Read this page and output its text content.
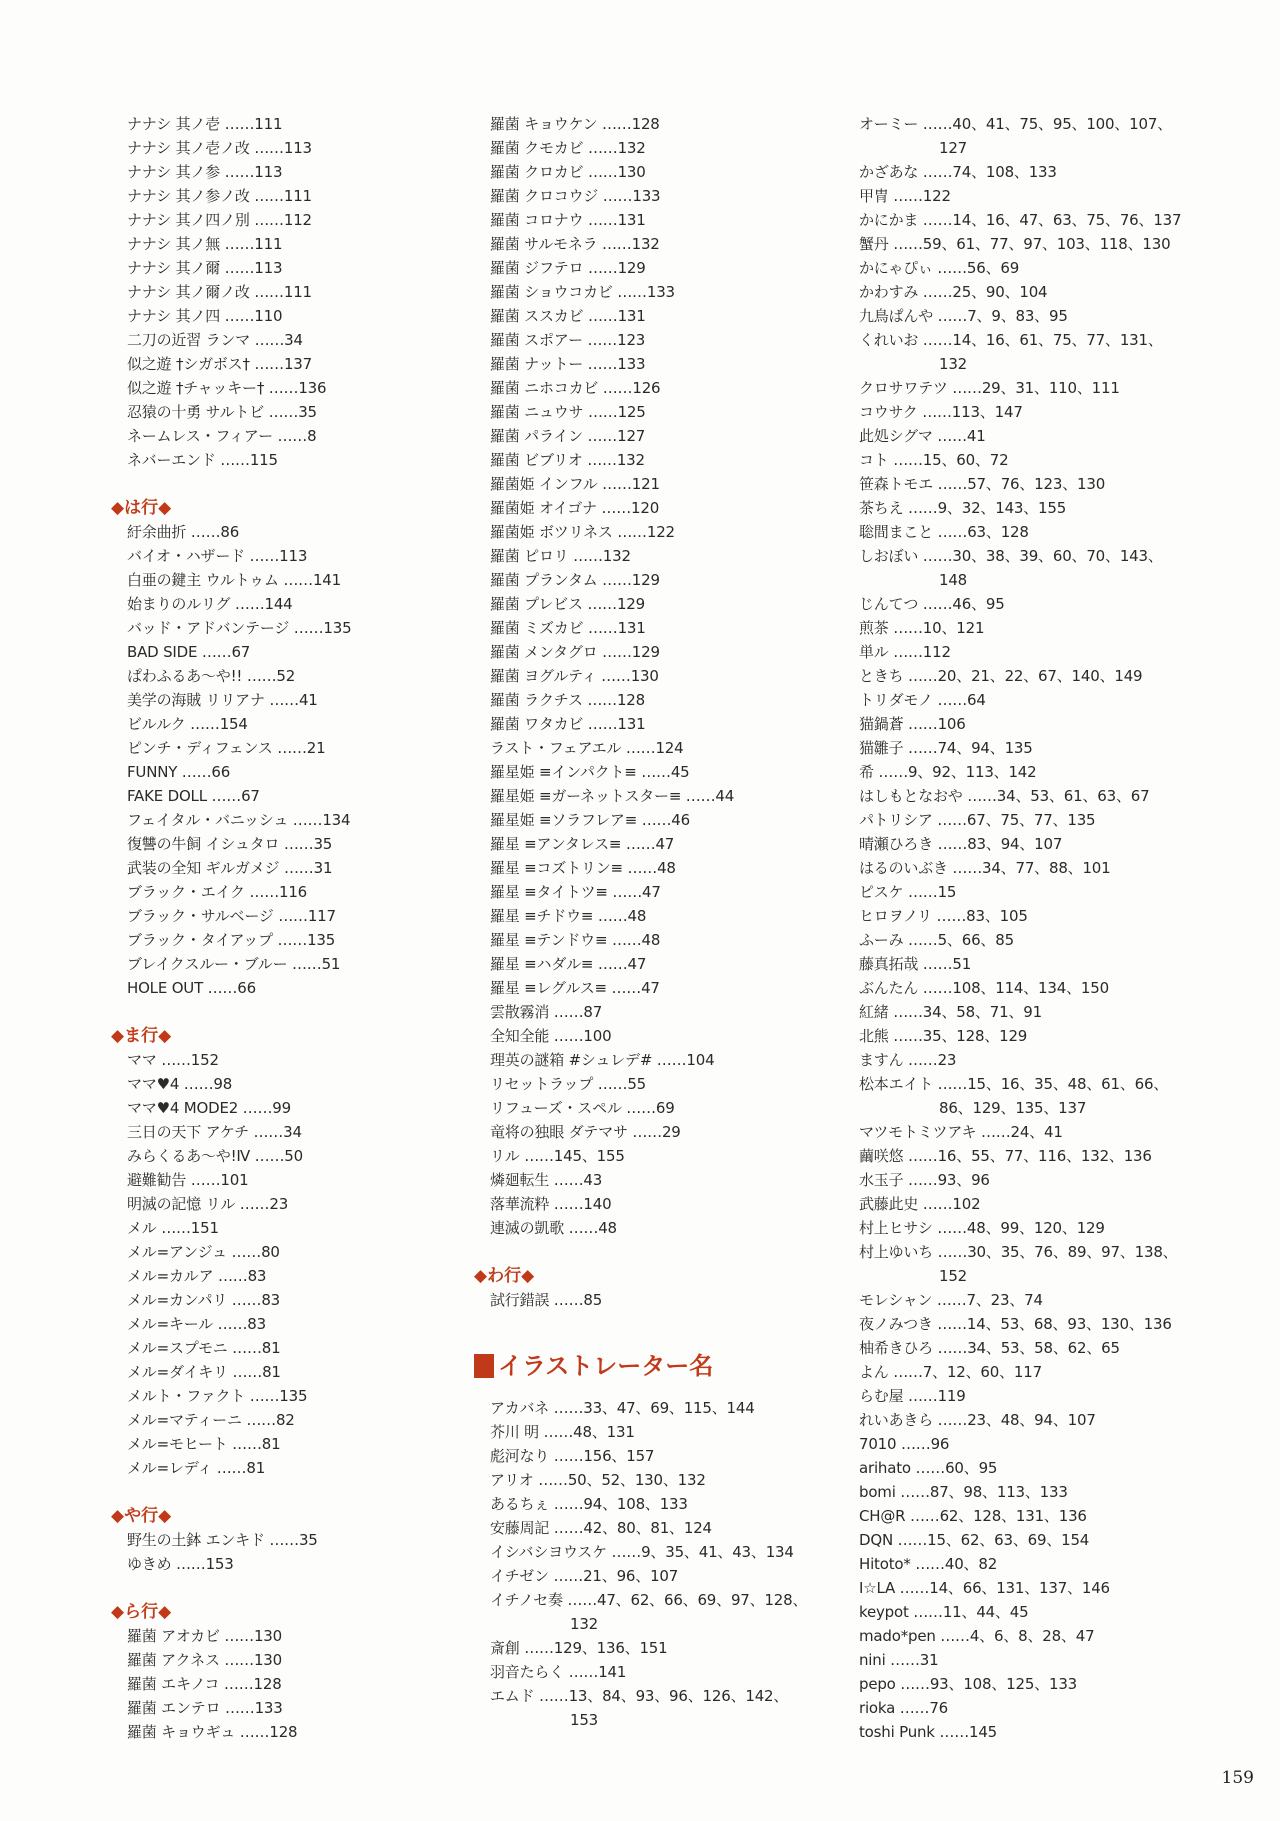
ナナシ 其ノ壱 ……111
ナナシ 其ノ壱ノ改 ……113
ナナシ 其ノ参 ……113
ナナシ 其ノ参ノ改 ……111
ナナシ 其ノ四ノ別 ……112
ナナシ 其ノ無 ……111
ナナシ 其ノ爾 ……113
ナナシ 其ノ爾ノ改 ……111
ナナシ 其ノ四 ……110
二刀の近習 ランマ ……34
似之遊 †シガボス† ……137
似之遊 †チャッキー† ……136
忍猿の十勇 サルトビ ……35
ネームレス・フィアー ……8
ネバーエンド ……115
◆は行◆
紆余曲折 ……86
バイオ・ハザード ……113
白亜の鍵主 ウルトゥム ……141
始まりのルリグ ……144
バッド・アドバンテージ ……135
BAD SIDE ……67
ぱわふるあ～や!! ……52
美学の海賊 リリアナ ……41
ビルルク ……154
ピンチ・ディフェンス ……21
FUNNY ……66
FAKE DOLL ……67
フェイタル・バニッシュ ……134
復讐の牛飼 イシュタロ ……35
武装の全知 ギルガメジ ……31
ブラック・エイク ……116
ブラック・サルベージ ……117
ブラック・タイアップ ……135
ブレイクスルー・ブルー ……51
HOLE OUT ……66
◆ま行◆
ママ ……152
ママ♥4 ……98
ママ♥4 MODE2 ……99
三日の天下 アケチ ……34
みらくるあ～や!Ⅳ ……50
避難勧告 ……101
明滅の記憶 リル ……23
メル ……151
メル=アンジュ ……80
メル=カルア ……83
メル=カンパリ ……83
メル=キール ……83
メル=スプモニ ……81
メル=ダイキリ ……81
メルト・ファクト ……135
メル=マティーニ ……82
メル=モヒート ……81
メル=レディ ……81
◆や行◆
野生の土鉢 エンキド ……35
ゆきめ ……153
◆ら行◆
羅菌 アオカビ ……130
羅菌 アクネス ……130
羅菌 エキノコ ……128
羅菌 エンテロ ……133
羅菌 キョウギュ ……128
羅菌 キョウケン ……128
羅菌 クモカビ ……132
羅菌 クロカビ ……130
羅菌 クロコウジ ……133
羅菌 コロナウ ……131
羅菌 サルモネラ ……132
羅菌 ジフテロ ……129
羅菌 ショウコカビ ……133
羅菌 ススカビ ……131
羅菌 スポアー ……123
羅菌 ナットー ……133
羅菌 ニホコカビ ……126
羅菌 ニュウサ ……125
羅菌 パライン ……127
羅菌 ビブリオ ……132
羅菌姫 インフル ……121
羅菌姫 オイゴナ ……120
羅菌姫 ボツリネス ……122
羅菌 ピロリ ……132
羅菌 プランタム ……129
羅菌 プレビス ……129
羅菌 ミズカビ ……131
羅菌 メンタグロ ……129
羅菌 ヨグルティ ……130
羅菌 ラクチス ……128
羅菌 ワタカビ ……131
ラスト・フェアエル ……124
羅星姫 ≡インパクト≡ ……45
羅星姫 ≡ガーネットスター≡ ……44
羅星姫 ≡ソラフレア≡ ……46
羅星 ≡アンタレス≡ ……47
羅星 ≡コズトリン≡ ……48
羅星 ≡タイトツ≡ ……47
羅星 ≡チドウ≡ ……48
羅星 ≡テンドウ≡ ……48
羅星 ≡ハダル≡ ……47
羅星 ≡レグルス≡ ……47
雲散霧消 ……87
全知全能 ……100
理英の謎箱 #シュレデ# ……104
リセットラップ ……55
リフューズ・スペル ……69
竜将の独眼 ダテマサ ……29
リル ……145、155
燐廻転生 ……43
落華流粋 ……140
連滅の凱歌 ……48
◆わ行◆
試行錯誤 ……85
イラストレーター名
アカバネ ……33、47、69、115、144
芥川 明 ……48、131
彪河なり ……156、157
アリオ ……50、52、130、132
あるちぇ ……94、108、133
安藤周記 ……42、80、81、124
イシバシヨウスケ ……9、35、41、43、134
イチゼン ……21、96、107
イチノセ奏 ……47、62、66、69、97、128、
132
斎創 ……129、136、151
羽音たらく ……141
エムド ……13、84、93、96、126、142、
153
オーミー ……40、41、75、95、100、107、
127
かざあな ……74、108、133
甲冑 ……122
かにかま ……14、16、47、63、75、76、137
蟹丹 ……59、61、77、97、103、118、130
かにゃぴぃ ……56、69
かわすみ ……25、90、104
九鳥ぱんや ……7、9、83、95
くれいお ……14、16、61、75、77、131、
132
クロサワテツ ……29、31、110、111
コウサク ……113、147
此処シグマ ……41
コト ……15、60、72
笹森トモエ ……57、76、123、130
茶ちえ ……9、32、143、155
聡間まこと ……63、128
しおぼい ……30、38、39、60、70、143、
148
じんてつ ……46、95
煎茶 ……10、121
単ル ……112
ときち ……20、21、22、67、140、149
トリダモノ ……64
猫鍋蒼 ……106
猫雛子 ……74、94、135
希 ……9、92、113、142
はしもとなおや ……34、53、61、63、67
パトリシア ……67、75、77、135
晴瀬ひろき ……83、94、107
はるのいぶき ……34、77、88、101
ピスケ ……15
ヒロヲノリ ……83、105
ふーみ ……5、66、85
藤真拓哉 ……51
ぶんたん ……108、114、134、150
紅緒 ……34、58、71、91
北熊 ……35、128、129
ますん ……23
松本エイト ……15、16、35、48、61、66、
86、129、135、137
マツモトミツアキ ……24、41
繭咲悠 ……16、55、77、116、132、136
水玉子 ……93、96
武藤此史 ……102
村上ヒサシ ……48、99、120、129
村上ゆいち ……30、35、76、89、97、138、
152
モレシャン ……7、23、74
夜ノみつき ……14、53、68、93、130、136
柚希きひろ ……34、53、58、62、65
よん ……7、12、60、117
らむ屋 ……119
れいあきら ……23、48、94、107
7010 ……96
arihato ……60、95
bomi ……87、98、113、133
CH@R ……62、128、131、136
DQN ……15、62、63、69、154
Hitoto* ……40、82
I☆LA ……14、66、131、137、146
keypot ……11、44、45
mado*pen ……4、6、8、28、47
nini ……31
pepo ……93、108、125、133
rioka ……76
toshi Punk ……145
159
